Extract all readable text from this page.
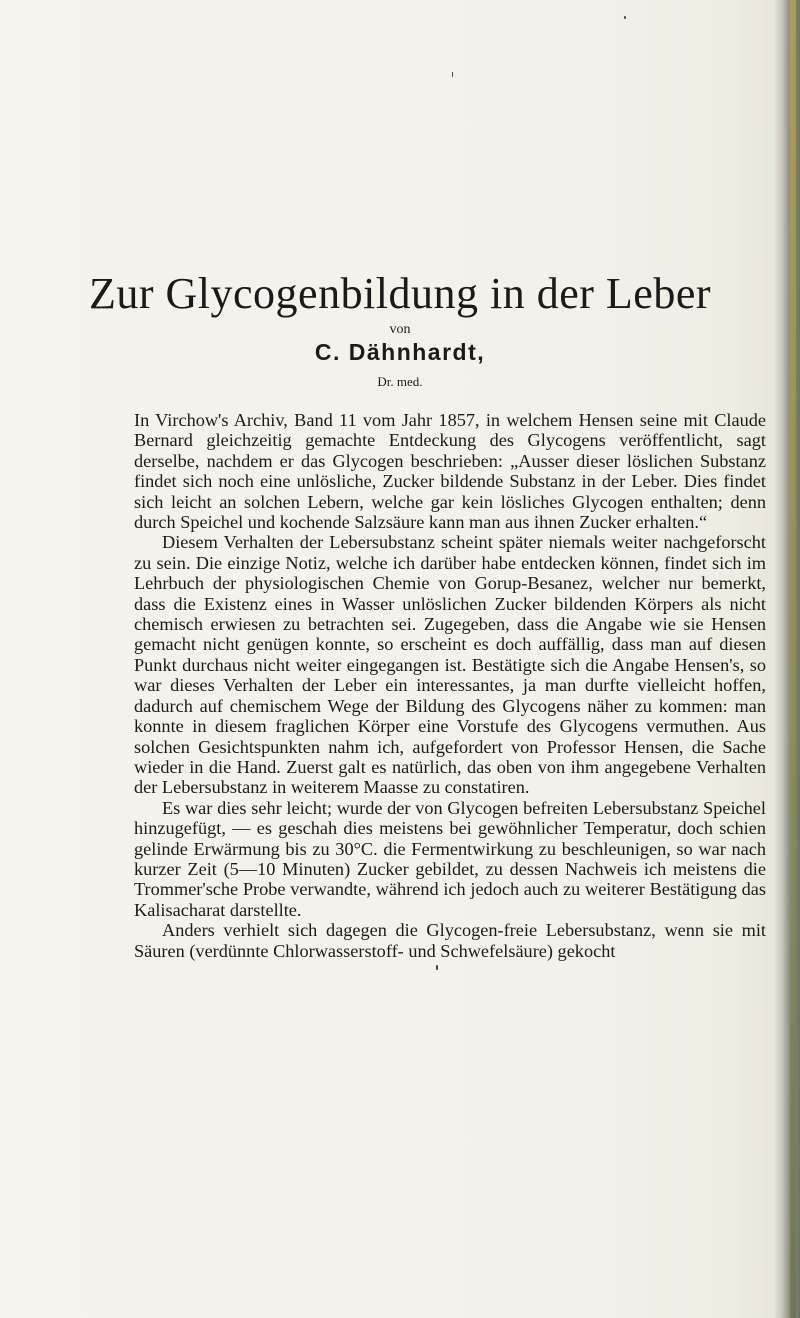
Zur Glycogenbildung in der Leber

von

C. Dähnhardt,

Dr. med.

In Virchow's Archiv, Band 11 vom Jahr 1857, in welchem Hensen seine mit Claude Bernard gleichzeitig gemachte Entdeckung des Glycogens veröffentlicht, sagt derselbe, nachdem er das Glycogen beschrieben: „Ausser dieser löslichen Substanz findet sich noch eine unlösliche, Zucker bildende Substanz in der Leber. Dies findet sich leicht an solchen Lebern, welche gar kein lösliches Glycogen enthalten; denn durch Speichel und kochende Salzsäure kann man aus ihnen Zucker erhalten.“

Diesem Verhalten der Lebersubstanz scheint später niemals weiter nachgeforscht zu sein. Die einzige Notiz, welche ich darüber habe entdecken können, findet sich im Lehrbuch der physiologischen Chemie von Gorup-Besanez, welcher nur bemerkt, dass die Existenz eines in Wasser unlöslichen Zucker bildenden Körpers als nicht chemisch erwiesen zu betrachten sei. Zugegeben, dass die Angabe wie sie Hensen gemacht nicht genügen konnte, so erscheint es doch auffällig, dass man auf diesen Punkt durchaus nicht weiter eingegangen ist. Bestätigte sich die Angabe Hensen's, so war dieses Verhalten der Leber ein interessantes, ja man durfte vielleicht hoffen, dadurch auf chemischem Wege der Bildung des Glycogens näher zu kommen: man konnte in diesem fraglichen Körper eine Vorstufe des Glycogens vermuthen. Aus solchen Gesichtspunkten nahm ich, aufgefordert von Professor Hensen, die Sache wieder in die Hand. Zuerst galt es natürlich, das oben von ihm angegebene Verhalten der Lebersubstanz in weiterem Maasse zu constatiren.

Es war dies sehr leicht; wurde der von Glycogen befreiten Lebersubstanz Speichel hinzugefügt, — es geschah dies meistens bei gewöhnlicher Temperatur, doch schien gelinde Erwärmung bis zu 30°C. die Fermentwirkung zu beschleunigen, so war nach kurzer Zeit (5—10 Minuten) Zucker gebildet, zu dessen Nachweis ich meistens die Trommer'sche Probe verwandte, während ich jedoch auch zu weiterer Bestätigung das Kalisacharat darstellte.

Anders verhielt sich dagegen die Glycogen-freie Lebersubstanz, wenn sie mit Säuren (verdünnte Chlorwasserstoff- und Schwefelsäure) gekocht
